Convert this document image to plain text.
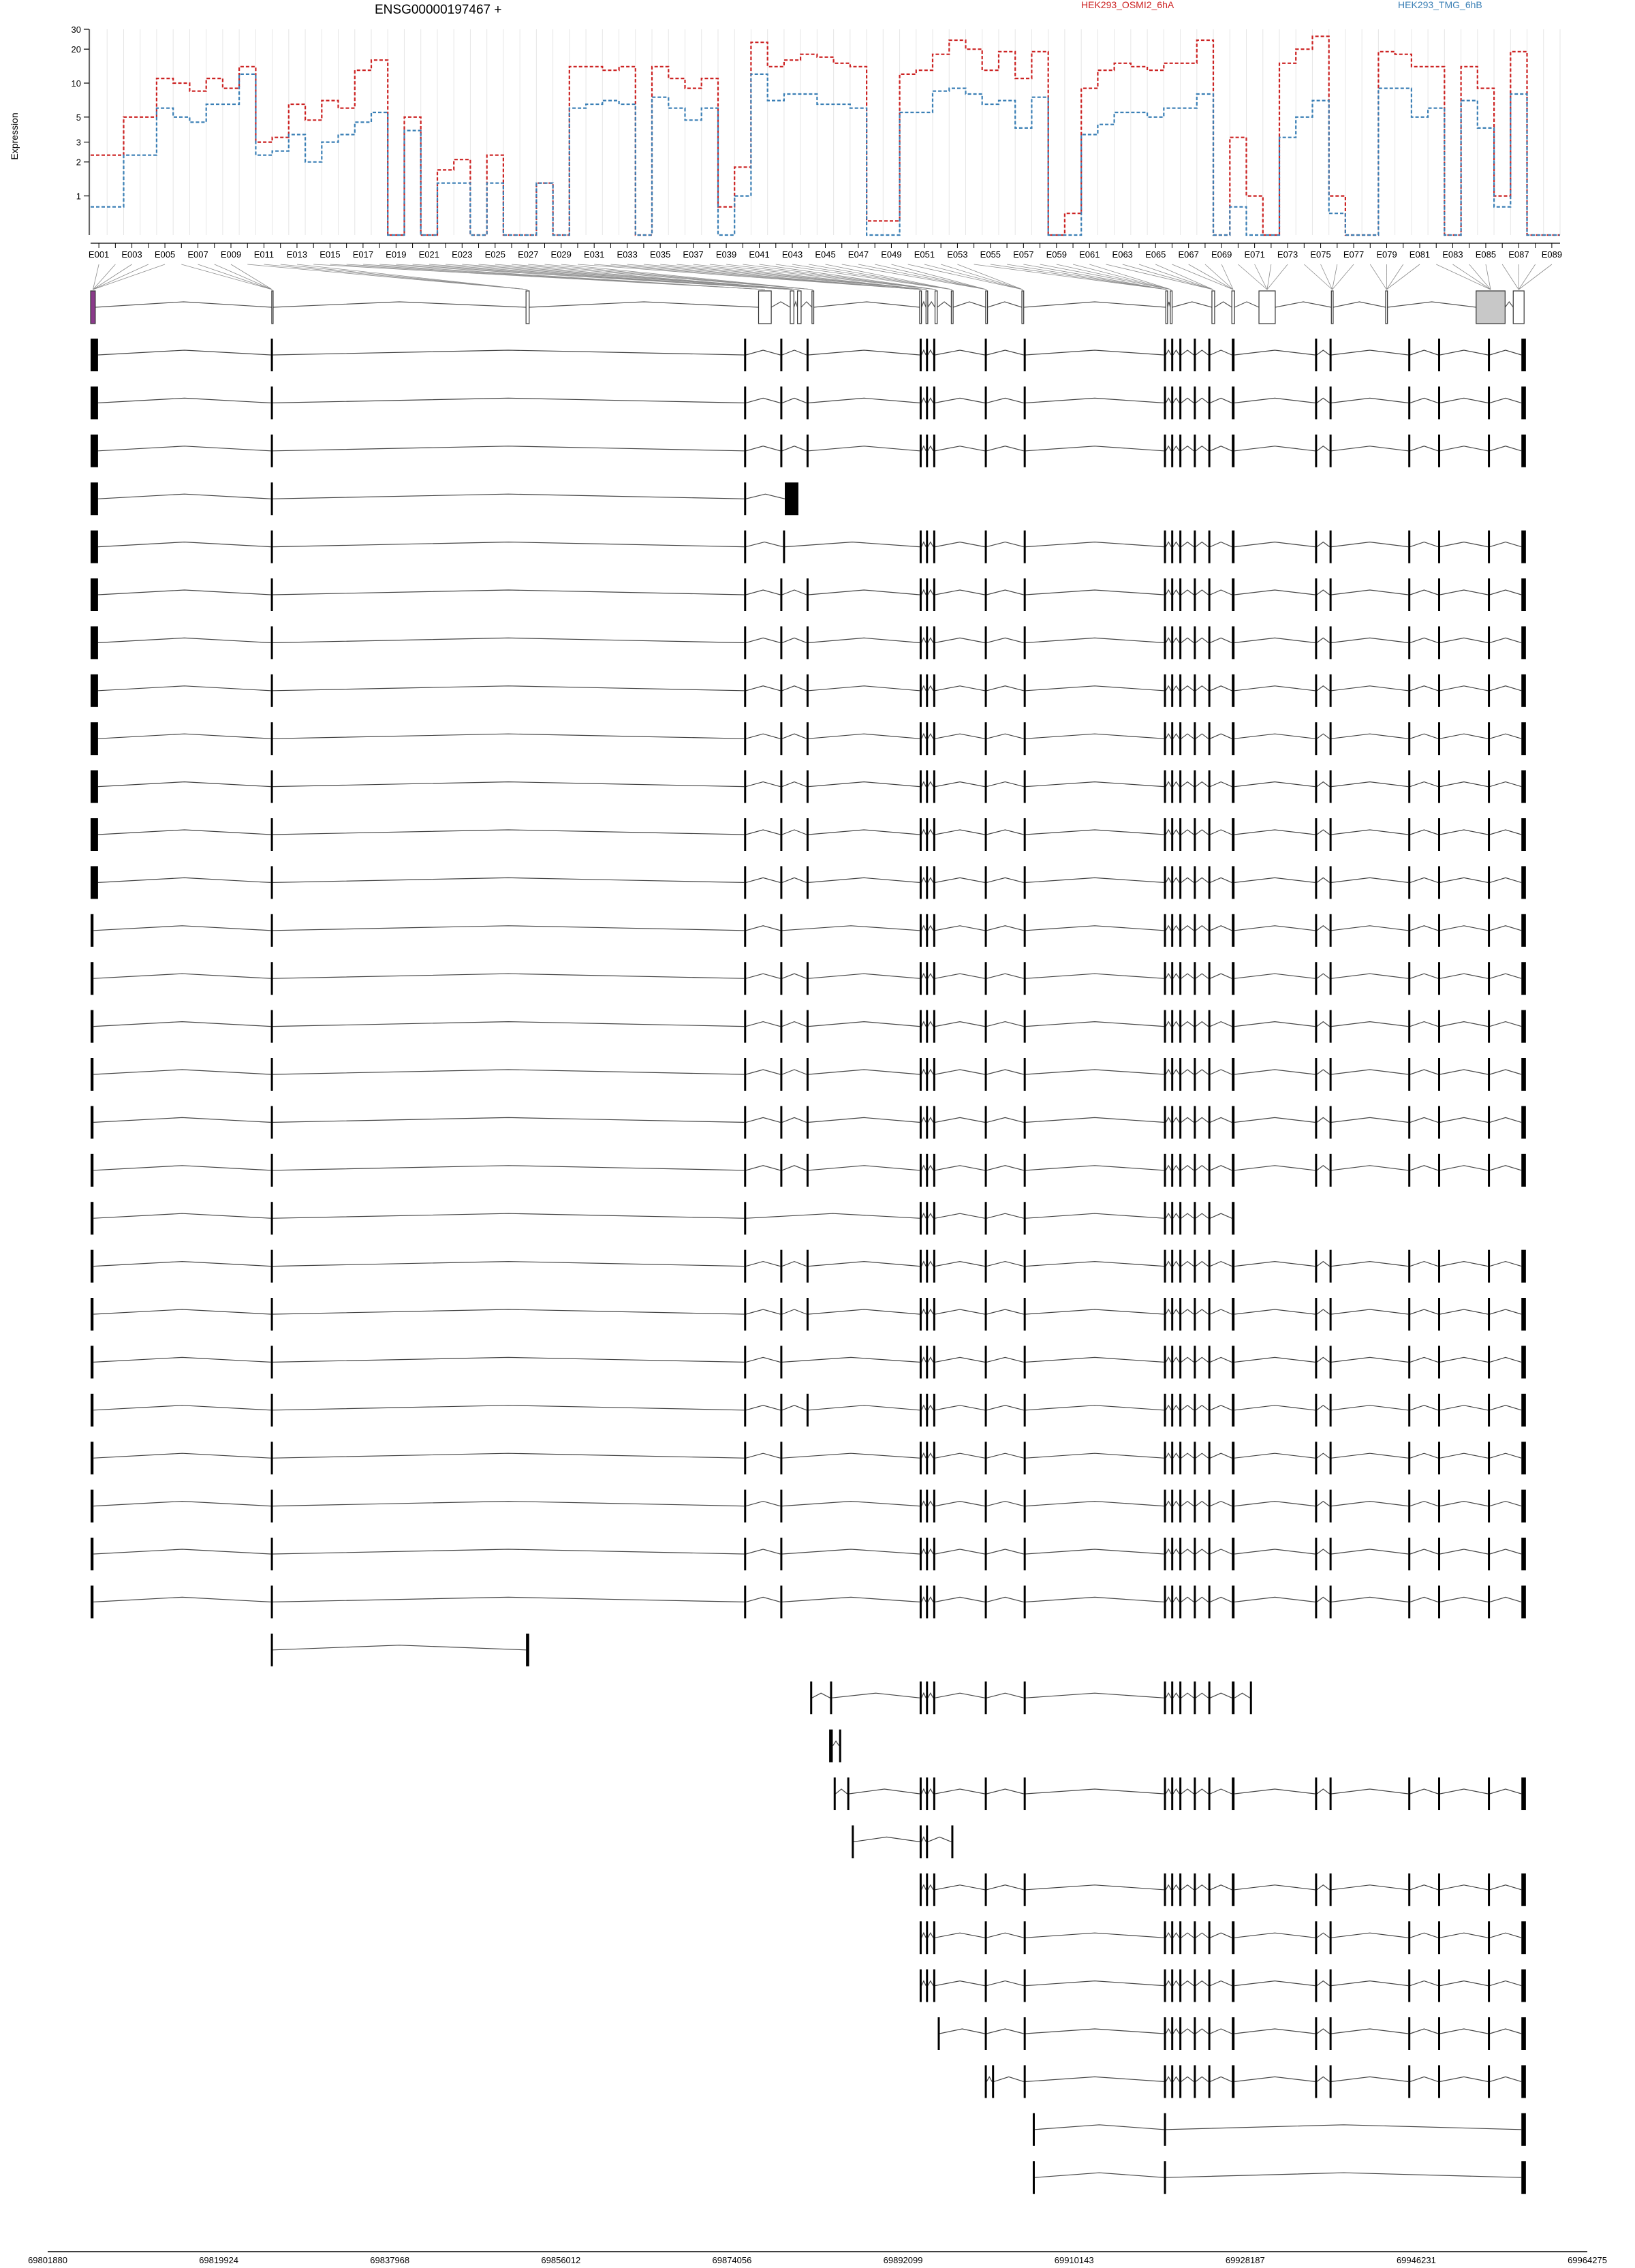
ENSG00000197467 +
Expression
HEK293_OSMI2_6hA	HEK293_TMG_6hB
1
2
3
5
10
20
30
E001 E003 E005 E007 E009 E011 E013 E015 E017 E019 E021 E023 E025 E027 E029 E031 E033 E035 E037 E039 E041 E043 E045 E047 E049 E051 E053 E055 E057 E059 E061 E063 E065 E067 E069 E071 E073 E075 E077 E079 E081 E083 E085 E087 E089
69801880	69819924	69837968	69856012	69874056	69892099	69910143	69928187	69946231	69964275
